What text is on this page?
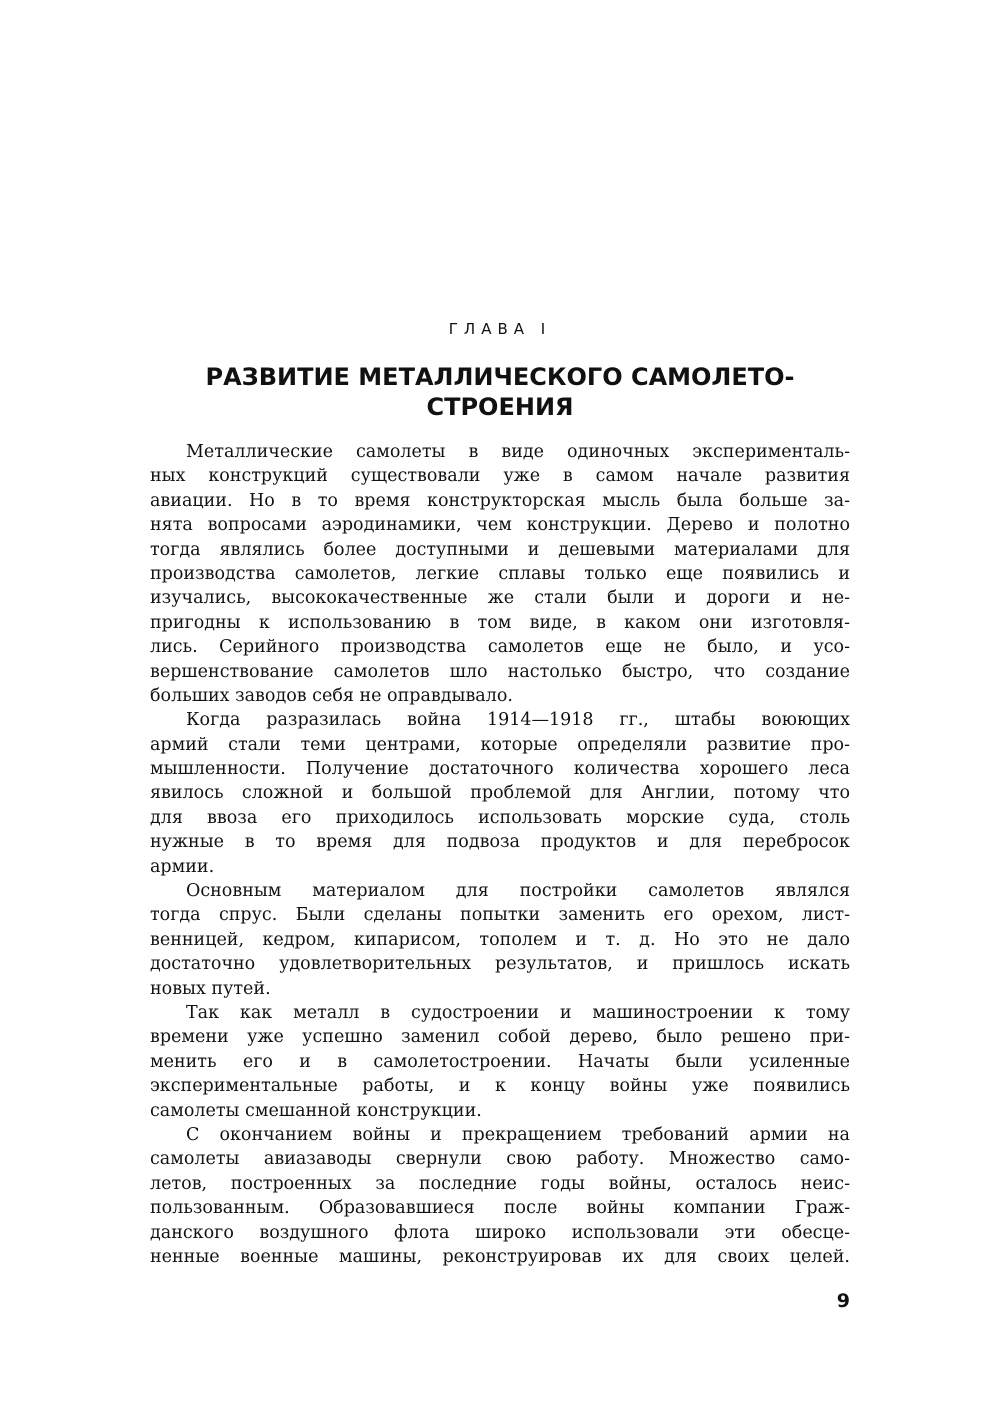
ГЛАВА I
РАЗВИТИЕ МЕТАЛЛИЧЕСКОГО САМОЛЕТО-
СТРОЕНИЯ

Металлические самолеты в виде одиночных эксперименталь-
ных конструкций существовали уже в самом начале развития
авиации. Но в то время конструкторская мысль была больше за-
нята вопросами аэродинамики, чем конструкции. Дерево и полотно
тогда являлись более доступными и дешевыми материалами для
производства самолетов, легкие сплавы только еще появились и
изучались, высококачественные же стали были и дороги и не-
пригодны к использованию в том виде, в каком они изготовля-
лись. Серийного производства самолетов еще не было, и усо-
вершенствование самолетов шло настолько быстро, что создание
больших заводов себя не оправдывало.

Когда разразилась война 1914—1918 гг., штабы воюющих
армий стали теми центрами, которые определяли развитие про-
мышленности. Получение достаточного количества хорошего леса
явилось сложной и большой проблемой для Англии, потому что
для ввоза его приходилось использовать морские суда, столь
нужные в то время для подвоза продуктов и для перебросок
армии.

Основным материалом для постройки самолетов являлся
тогда спрус. Были сделаны попытки заменить его орехом, лист-
венницей, кедром, кипарисом, тополем и т. д. Но это не дало
достаточно удовлетворительных результатов, и пришлось искать
новых путей.

Так как металл в судостроении и машиностроении к тому
времени уже успешно заменил собой дерево, было решено при-
менить его и в самолетостроении. Начаты были усиленные
экспериментальные работы, и к концу войны уже появились
самолеты смешанной конструкции.

С окончанием войны и прекращением требований армии на
самолеты авиазаводы свернули свою работу. Множество само-
летов, построенных за последние годы войны, осталось неис-
пользованным. Образовавшиеся после войны компании Граж-
данского воздушного флота широко использовали эти обесце-
ненные военные машины, реконструировав их для своих целей.

9
